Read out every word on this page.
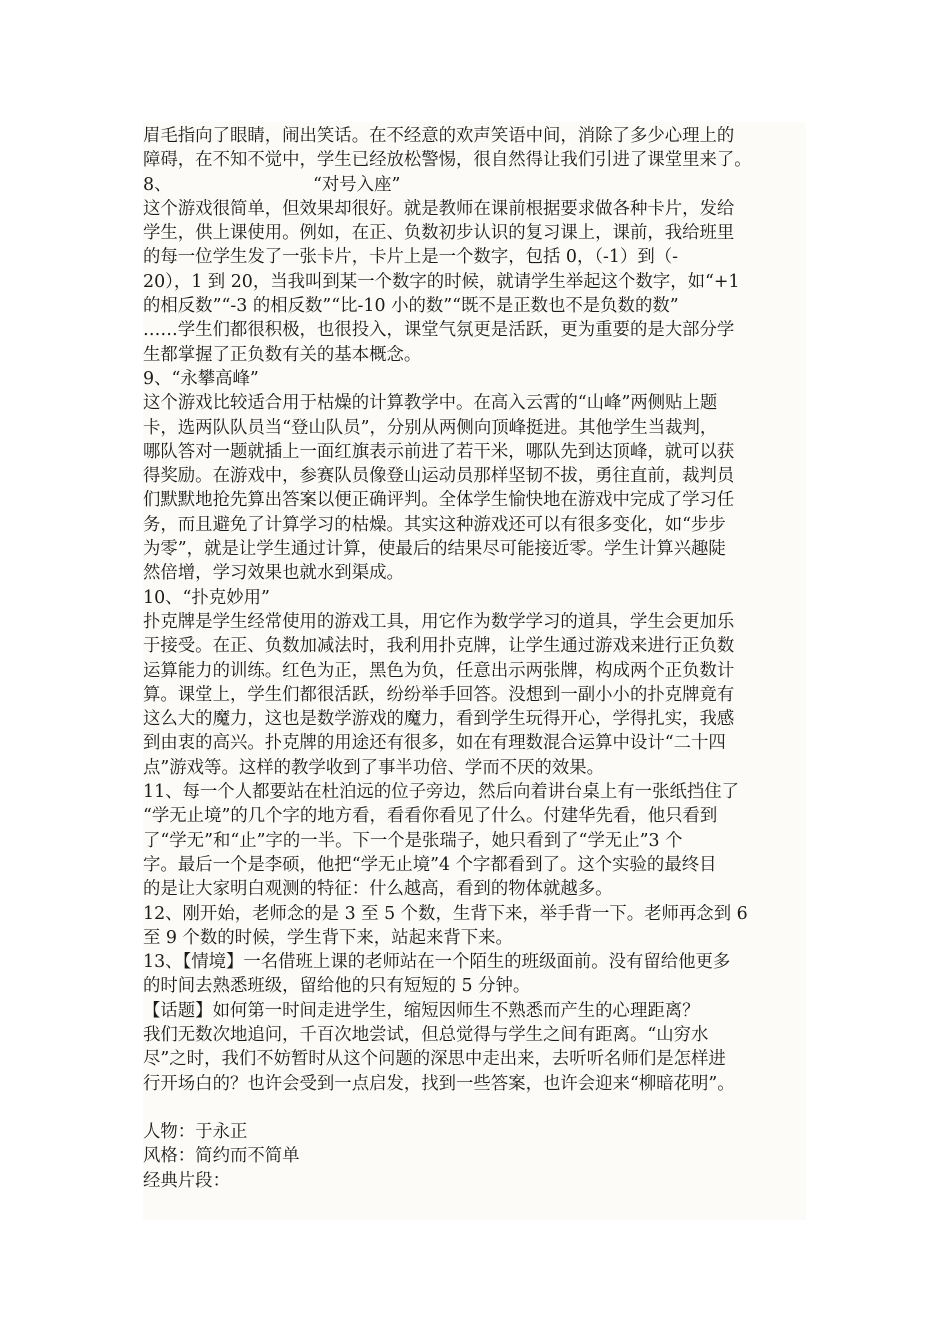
眉毛指向了眼睛，闹出笑话。在不经意的欢声笑语中间，消除了多少心理上的
障碍，在不知不觉中，学生已经放松警惕，很自然得让我们引进了课堂里来了。
8、	“对号入座”
这个游戏很简单，但效果却很好。就是教师在课前根据要求做各种卡片，发给
学生，供上课使用。例如，在正、负数初步认识的复习课上，课前，我给班里
的每一位学生发了一张卡片，卡片上是一个数字，包括 0，（-1）到（-
20），1 到 20，当我叫到某一个数字的时候，就请学生举起这个数字，如“+1
的相反数”“-3 的相反数”“比-10 小的数”“既不是正数也不是负数的数”
……学生们都很积极，也很投入，课堂气氛更是活跃，更为重要的是大部分学
生都掌握了正负数有关的基本概念。
9、“永攀高峰”
这个游戏比较适合用于枯燥的计算教学中。在高入云霄的“山峰”两侧贴上题
卡，选两队队员当“登山队员”，分别从两侧向顶峰挺进。其他学生当裁判，
哪队答对一题就插上一面红旗表示前进了若干米，哪队先到达顶峰，就可以获
得奖励。在游戏中，参赛队员像登山运动员那样坚韧不拔，勇往直前，裁判员
们默默地抢先算出答案以便正确评判。全体学生愉快地在游戏中完成了学习任
务，而且避免了计算学习的枯燥。其实这种游戏还可以有很多变化，如“步步
为零”，就是让学生通过计算，使最后的结果尽可能接近零。学生计算兴趣陡
然倍增，学习效果也就水到渠成。
10、“扑克妙用”
扑克牌是学生经常使用的游戏工具，用它作为数学学习的道具，学生会更加乐
于接受。在正、负数加减法时，我利用扑克牌，让学生通过游戏来进行正负数
运算能力的训练。红色为正，黑色为负，任意出示两张牌，构成两个正负数计
算。课堂上，学生们都很活跃，纷纷举手回答。没想到一副小小的扑克牌竟有
这么大的魔力，这也是数学游戏的魔力，看到学生玩得开心，学得扎实，我感
到由衷的高兴。扑克牌的用途还有很多，如在有理数混合运算中设计“二十四
点”游戏等。这样的教学收到了事半功倍、学而不厌的效果。
11、每一个人都要站在杜泊远的位子旁边，然后向着讲台桌上有一张纸挡住了
“学无止境”的几个字的地方看，看看你看见了什么。付建华先看，他只看到
了“学无”和“止”字的一半。下一个是张瑞子，她只看到了“学无止”3 个
字。最后一个是李硕，他把“学无止境”4 个字都看到了。这个实验的最终目
的是让大家明白观测的特征：什么越高，看到的物体就越多。
12、刚开始，老师念的是 3 至 5 个数，生背下来，举手背一下。老师再念到 6
至 9 个数的时候，学生背下来，站起来背下来。
13、【情境】一名借班上课的老师站在一个陌生的班级面前。没有留给他更多
的时间去熟悉班级，留给他的只有短短的 5 分钟。
【话题】如何第一时间走进学生，缩短因师生不熟悉而产生的心理距离？
我们无数次地追问，千百次地尝试，但总觉得与学生之间有距离。“山穷水
尽”之时，我们不妨暂时从这个问题的深思中走出来，去听听名师们是怎样进
行开场白的？也许会受到一点启发，找到一些答案，也许会迎来“柳暗花明”。
人物：于永正
风格：简约而不简单
经典片段：
